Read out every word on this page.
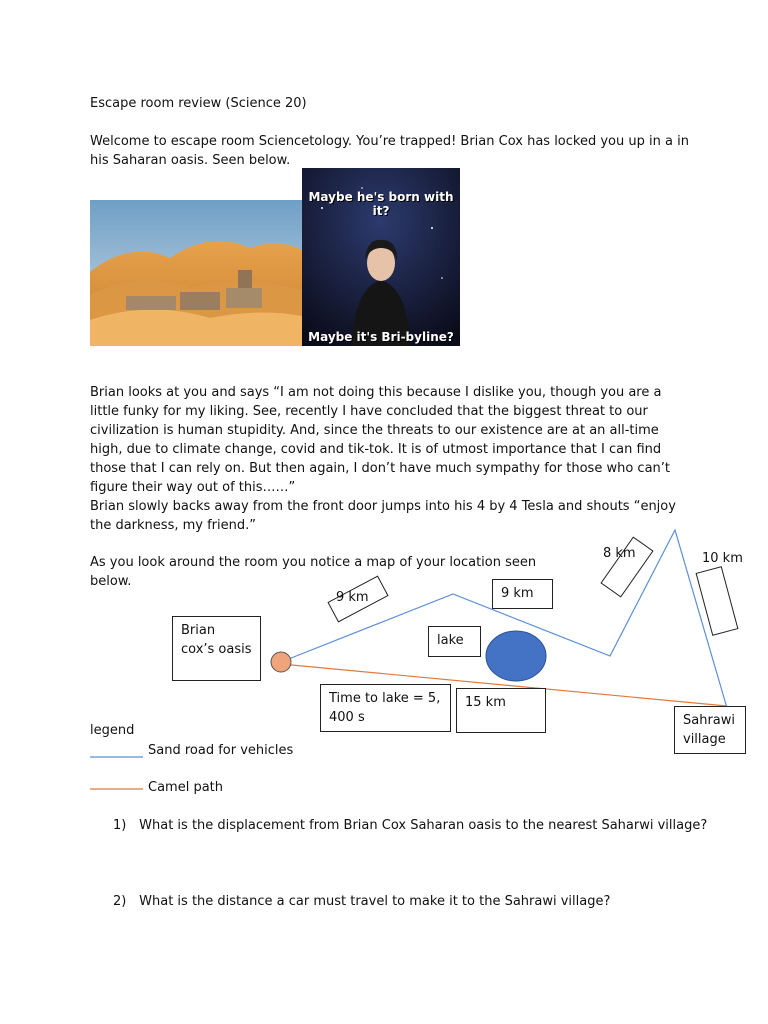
Escape room review (Science 20)

Welcome to escape room Sciencetology. You’re trapped! Brian Cox has locked you up in a in his Saharan oasis. Seen below.

Maybe he's born with it?
Maybe it's Bri-byline?

Brian looks at you and says “I am not doing this because I dislike you, though you are a little funky for my liking. See, recently I have concluded that the biggest threat to our civilization is human stupidity. And, since the threats to our existence are at an all-time high, due to climate change, covid and tik-tok. It is of utmost importance that I can find those that I can rely on. But then again, I don’t have much sympathy for those who can’t figure their way out of this……”

Brian slowly backs away from the front door jumps into his 4 by 4 Tesla and shouts “enjoy the darkness, my friend.”

As you look around the room you notice a map of your location seen below.

9 km	9 km
8 km	10 km
Brian cox’s oasis
lake
Time to lake = 5, 400 s
15 km
Sahrawi village
legend
Sand road for vehicles
Camel path
1) What is the displacement from Brian Cox Saharan oasis to the nearest Saharwi village?
2) What is the distance a car must travel to make it to the Sahrawi village?
